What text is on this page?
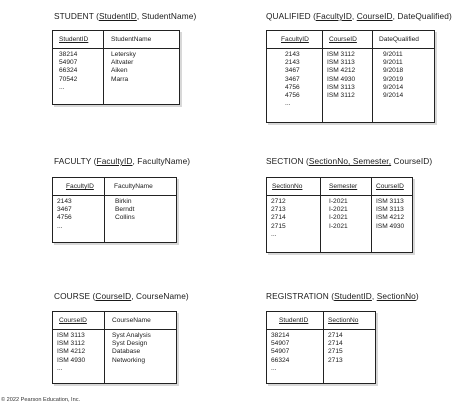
STUDENT (StudentID, StudentName)
StudentID
38214
54907
66324
70542
...
StudentName
Letersky
Altvater
Aiken
Marra
QUALIFIED (FacultyID, CourseID, DateQualified)
FacultyID
2143
2143
3467
3467
4756
4756
...
CourseID
ISM 3112
ISM 3113
ISM 4212
ISM 4930
ISM 3113
ISM 3112
DateQualified
9/2011
9/2011
9/2018
9/2019
9/2014
9/2014
FACULTY (FacultyID, FacultyName)
FacultyID
2143
3467
4756
...
FacultyName
Birkin
Berndt
Collins
SECTION (SectionNo, Semester, CourseID)
SectionNo
2712
2713
2714
2715
...
Semester
I-2021
I-2021
I-2021
I-2021
CourseID
ISM 3113
ISM 3113
ISM 4212
ISM 4930
COURSE (CourseID, CourseName)
CourseID
ISM 3113
ISM 3112
ISM 4212
ISM 4930
...
CourseName
Syst Analysis
Syst Design
Database
Networking
REGISTRATION (StudentID, SectionNo)
StudentID
38214
54907
54907
66324
...
SectionNo
2714
2714
2715
2713
© 2022 Pearson Education, Inc.
